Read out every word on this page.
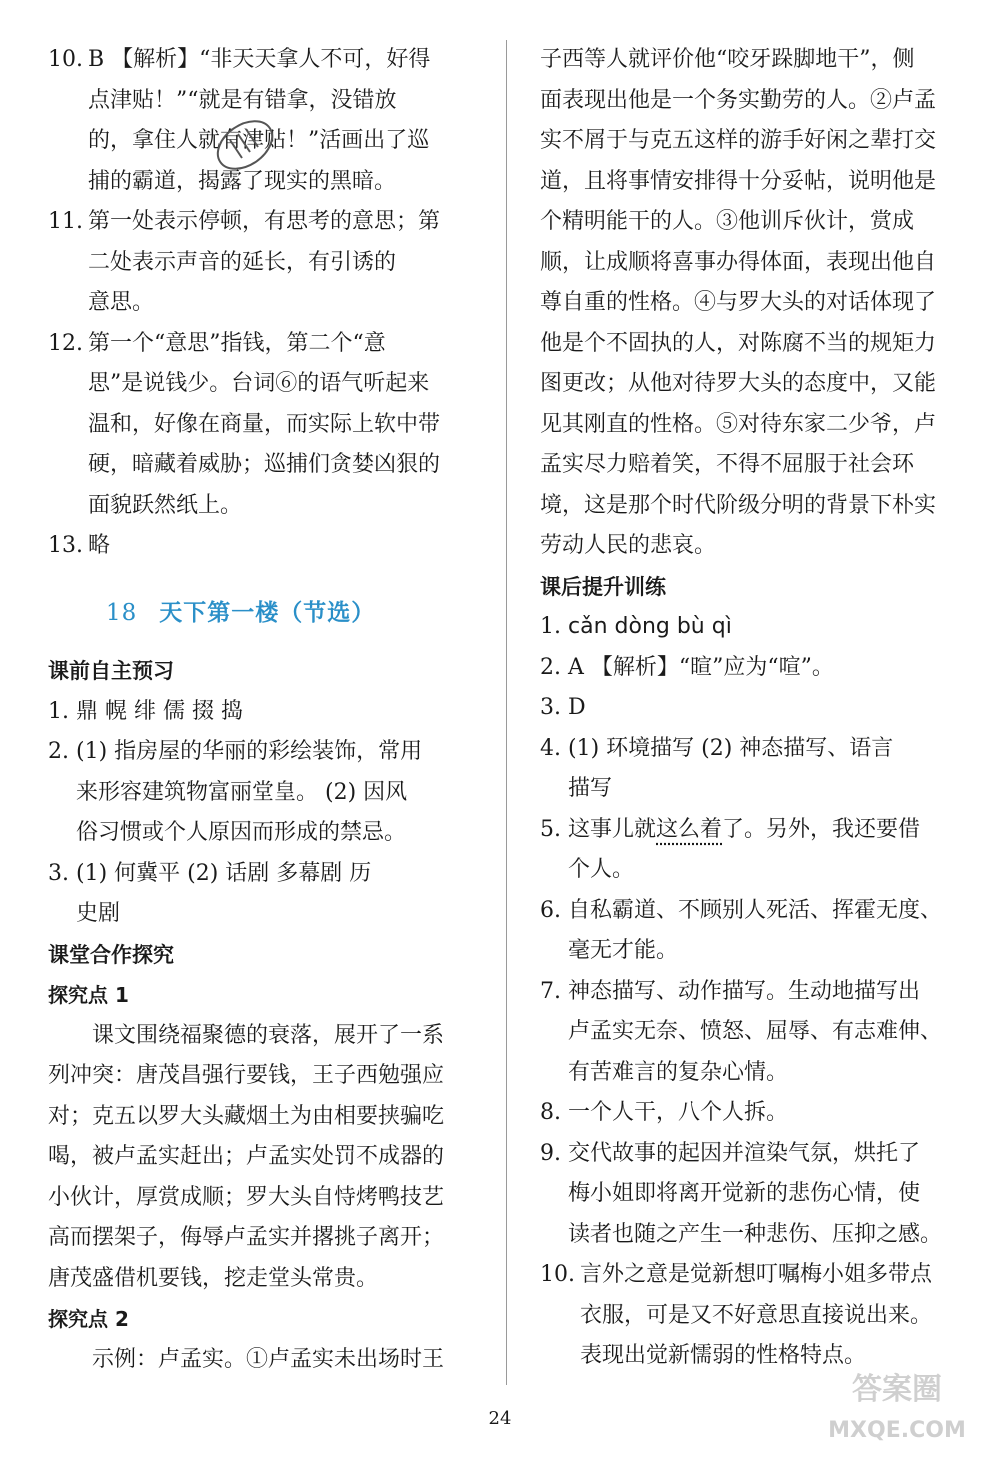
10. B 【解析】“非天天拿人不可，好得
点津贴！”“就是有错拿，没错放
的，拿住人就有津贴！”活画出了巡
捕的霸道，揭露了现实的黑暗。
11. 第一处表示停顿，有思考的意思；第
二处表示声音的延长，有引诱的
意思。
12. 第一个“意思”指钱，第二个“意
思”是说钱少。台词⑥的语气听起来
温和，好像在商量，而实际上软中带
硬，暗藏着威胁；巡捕们贪婪凶狠的
面貌跃然纸上。
13. 略
18 天下第一楼（节选）
课前自主预习
1. 鼎 幌 绯 儒 掇 捣
2. (1) 指房屋的华丽的彩绘装饰，常用
来形容建筑物富丽堂皇。 (2) 因风
俗习惯或个人原因而形成的禁忌。
3. (1) 何冀平 (2) 话剧 多幕剧 历
史剧
课堂合作探究
探究点 1
课文围绕福聚德的衰落，展开了一系
列冲突：唐茂昌强行要钱，王子西勉强应
对；克五以罗大头藏烟土为由相要挟骗吃
喝，被卢孟实赶出；卢孟实处罚不成器的
小伙计，厚赏成顺；罗大头自恃烤鸭技艺
高而摆架子，侮辱卢孟实并撂挑子离开；
唐茂盛借机要钱，挖走堂头常贵。
探究点 2
示例：卢孟实。①卢孟实未出场时王
子西等人就评价他“咬牙跺脚地干”，侧
面表现出他是一个务实勤劳的人。②卢孟
实不屑于与克五这样的游手好闲之辈打交
道，且将事情安排得十分妥帖，说明他是
个精明能干的人。③他训斥伙计，赏成
顺，让成顺将喜事办得体面，表现出他自
尊自重的性格。④与罗大头的对话体现了
他是个不固执的人，对陈腐不当的规矩力
图更改；从他对待罗大头的态度中，又能
见其刚直的性格。⑤对待东家二少爷，卢
孟实尽力赔着笑，不得不屈服于社会环
境，这是那个时代阶级分明的背景下朴实
劳动人民的悲哀。
课后提升训练
1. cǎn dòng bù qì
2. A 【解析】“暄”应为“喧”。
3. D
4. (1) 环境描写 (2) 神态描写、语言
描写
5. 这事儿就这么着了。另外，我还要借
个人。
6. 自私霸道、不顾别人死活、挥霍无度、
毫无才能。
7. 神态描写、动作描写。生动地描写出
卢孟实无奈、愤怒、屈辱、有志难伸、
有苦难言的复杂心情。
8. 一个人干，八个人拆。
9. 交代故事的起因并渲染气氛，烘托了
梅小姐即将离开觉新的悲伤心情，使
读者也随之产生一种悲伤、压抑之感。
10. 言外之意是觉新想叮嘱梅小姐多带点
衣服，可是又不好意思直接说出来。
表现出觉新懦弱的性格特点。
24
答案圈
MXQE.COM
